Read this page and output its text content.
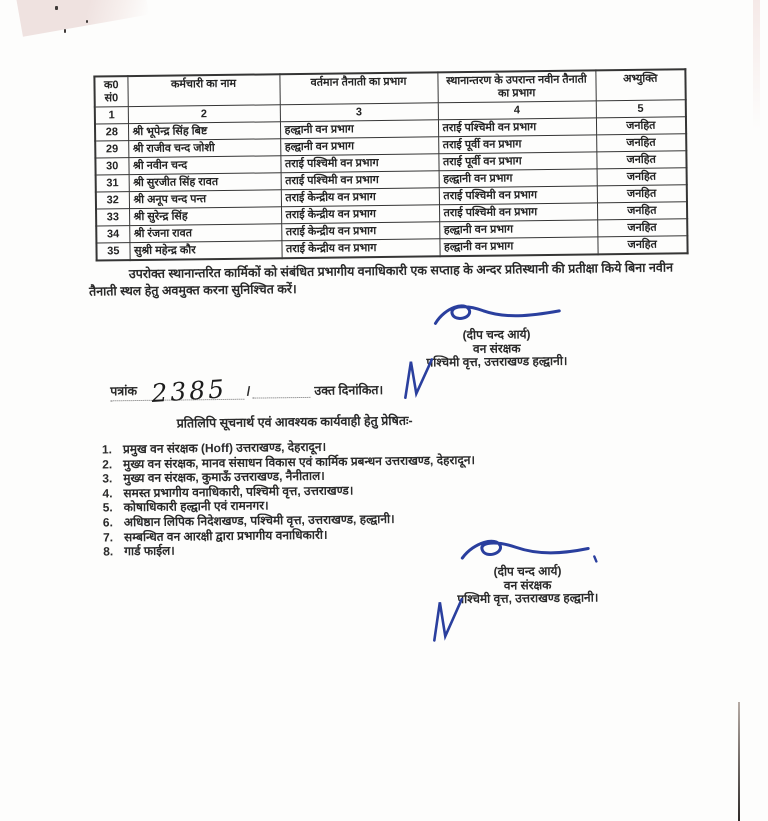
क0
सं0	कर्मचारी का नाम	वर्तमान तैनाती का प्रभाग	स्थानान्तरण के उपरान्त नवीन तैनाती का प्रभाग	अभ्युक्ति
1	2	3	4	5
28	श्री भूपेन्द्र सिंह बिष्ट	हल्द्वानी वन प्रभाग	तराई पश्चिमी वन प्रभाग	जनहित
29	श्री राजीव चन्द जोशी	हल्द्वानी वन प्रभाग	तराई पूर्वी वन प्रभाग	जनहित
30	श्री नवीन चन्द	तराई पश्चिमी वन प्रभाग	तराई पूर्वी वन प्रभाग	जनहित
31	श्री सुरजीत सिंह रावत	तराई पश्चिमी वन प्रभाग	हल्द्वानी वन प्रभाग	जनहित
32	श्री अनूप चन्द पन्त	तराई केन्द्रीय वन प्रभाग	तराई पश्चिमी वन प्रभाग	जनहित
33	श्री सुरेन्द्र सिंह	तराई केन्द्रीय वन प्रभाग	तराई पश्चिमी वन प्रभाग	जनहित
34	श्री रंजना रावत	तराई केन्द्रीय वन प्रभाग	हल्द्वानी वन प्रभाग	जनहित
35	सुश्री महेन्द्र कौर	तराई केन्द्रीय वन प्रभाग	हल्द्वानी वन प्रभाग	जनहित
उपरोक्त स्थानान्तरित कार्मिकों को संबंधित प्रभागीय वनाधिकारी एक सप्ताह के अन्दर प्रतिस्थानी की प्रतीक्षा किये बिना नवीन तैनाती स्थल हेतु अवमुक्त करना सुनिश्चित करें।
(दीप चन्द आर्य)
वन संरक्षक
पश्चिमी वृत्त, उत्तराखण्ड हल्द्वानी।
पत्रांक 2385	/	उक्त दिनांकित।
प्रतिलिपि सूचनार्थ एवं आवश्यक कार्यवाही हेतु प्रेषितः-
1. प्रमुख वन संरक्षक (Hoff) उत्तराखण्ड, देहरादून।
2. मुख्य वन संरक्षक, मानव संसाधन विकास एवं कार्मिक प्रबन्धन उत्तराखण्ड, देहरादून।
3. मुख्य वन संरक्षक, कुमाऊँ उत्तराखण्ड, नैनीताल।
4. समस्त प्रभागीय वनाधिकारी, पश्चिमी वृत्त, उत्तराखण्ड।
5. कोषाधिकारी हल्द्वानी एवं रामनगर।
6. अधिष्ठान लिपिक निदेशखण्ड, पश्चिमी वृत्त, उत्तराखण्ड, हल्द्वानी।
7. सम्बन्धित वन आरक्षी द्वारा प्रभागीय वनाधिकारी।
8. गार्ड फाईल।
(दीप चन्द आर्य)
वन संरक्षक
पश्चिमी वृत्त, उत्तराखण्ड हल्द्वानी।
